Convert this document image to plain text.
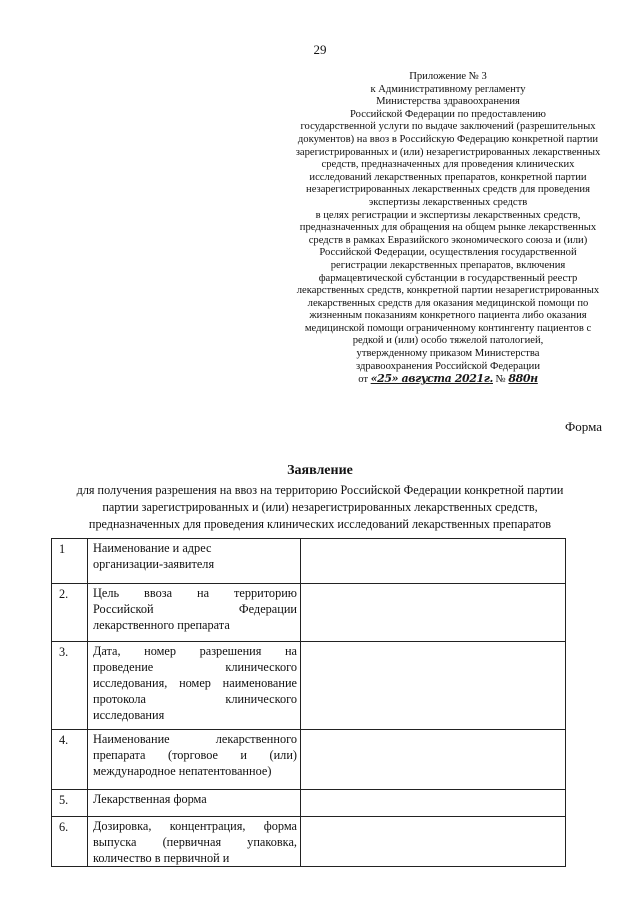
29
Приложение № 3
к Административному регламенту
Министерства здравоохранения
Российской Федерации по предоставлению
государственной услуги по выдаче заключений (разрешительных
документов) на ввоз в Российскую Федерацию конкретной партии
зарегистрированных и (или) незарегистрированных лекарственных
средств, предназначенных для проведения клинических
исследований лекарственных препаратов, конкретной партии
незарегистрированных лекарственных средств для проведения
экспертизы лекарственных средств
в целях регистрации и экспертизы лекарственных средств,
предназначенных для обращения на общем рынке лекарственных
средств в рамках Евразийского экономического союза и (или)
Российской Федерации, осуществления государственной
регистрации лекарственных препаратов, включения
фармацевтической субстанции в государственный реестр
лекарственных средств, конкретной партии незарегистрированных
лекарственных средств для оказания медицинской помощи по
жизненным показаниям конкретного пациента либо оказания
медицинской помощи ограниченному контингенту пациентов с
редкой и (или) особо тяжелой патологией,
утвержденному приказом Министерства
здравоохранения Российской Федерации
от «25» августа 2021г. № 880н
Форма
Заявление
для получения разрешения на ввоз на территорию Российской Федерации конкретной партии
партии зарегистрированных и (или) незарегистрированных лекарственных средств,
предназначенных для проведения клинических исследований лекарственных препаратов
1	Наименование и адрес
организации-заявителя	

2.	Цель ввоза на территорию
Российской Федерации
лекарственного препарата	

3.	Дата, номер разрешения на
проведение клинического
исследования, номер наименование
протокола клинического
исследования	

4.	Наименование лекарственного
препарата (торговое и (или)
международное непатентованное)	

5.	Лекарственная форма	

6.	Дозировка, концентрация, форма
выпуска (первичная упаковка,
количество в первичной и	
